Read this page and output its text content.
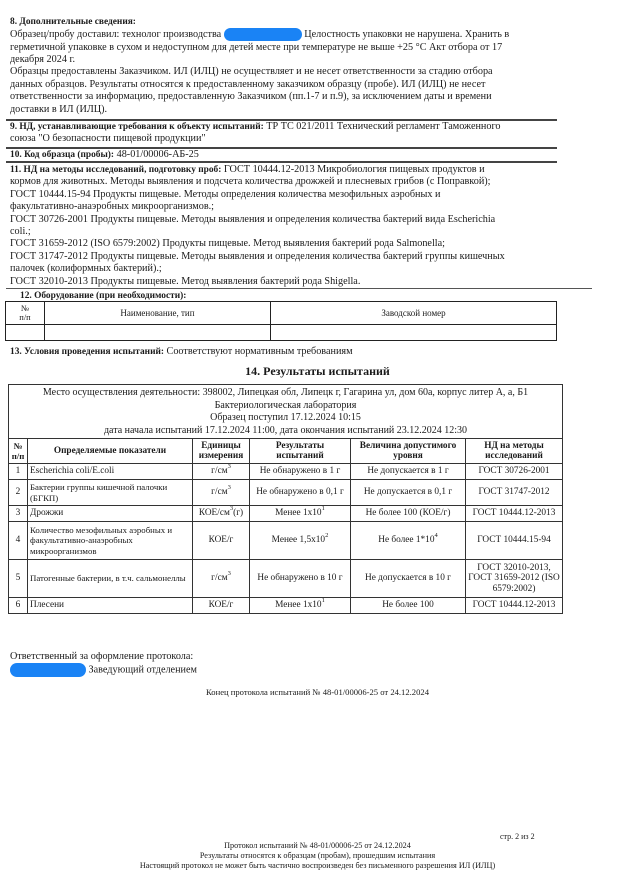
8. Дополнительные сведения:
Образец/пробу доставил: технолог производства	Целостность упаковки не нарушена. Хранить в
герметичной упаковке в сухом и недоступном для детей месте при температуре не выше +25 °C Акт отбора от 17
декабря 2024 г.
Образцы предоставлены Заказчиком. ИЛ (ИЛЦ) не осуществляет и не несет ответственности за стадию отбора
данных образцов. Результаты относятся к предоставленному заказчиком образцу (пробе). ИЛ (ИЛЦ) не несет
ответственности за информацию, предоставленную Заказчиком (пп.1-7 и п.9), за исключением даты и времени
доставки в ИЛ (ИЛЦ).
9. НД, устанавливающие требования к объекту испытаний: ТР ТС 021/2011 Технический регламент Таможенного
союза "О безопасности пищевой продукции"
10. Код образца (пробы): 48-01/00006-АБ-25
11. НД на методы исследований, подготовку проб: ГОСТ 10444.12-2013 Микробиология пищевых продуктов и
кормов для животных. Методы выявления и подсчета количества дрожжей и плесневых грибов (с Поправкой);
ГОСТ 10444.15-94 Продукты пищевые. Методы определения количества мезофильных аэробных и
факультативно-анаэробных микроорганизмов.;
ГОСТ 30726-2001 Продукты пищевые. Методы выявления и определения количества бактерий вида Escherichia
coli.;
ГОСТ 31659-2012 (ISO 6579:2002) Продукты пищевые. Метод выявления бактерий рода Salmonella;
ГОСТ 31747-2012 Продукты пищевые. Методы выявления и определения количества бактерий группы кишечных
палочек (колиформных бактерий).;
ГОСТ 32010-2013 Продукты пищевые. Метод выявления бактерий рода Shigella.
12. Оборудование (при необходимости):
№
п/п	Наименование, тип	Заводской номер

13. Условия проведения испытаний: Соответствуют нормативным требованиям
14. Результаты испытаний
Место осуществления деятельности: 398002, Липецкая обл, Липецк г, Гагарина ул, дом 60а, корпус литер А, а, Б1
Бактериологическая лаборатория
Образец поступил 17.12.2024 10:15
дата начала испытаний 17.12.2024 11:00, дата окончания испытаний 23.12.2024 12:30					

№
п/п	Определяемые показатели	Единицы
измерения	Результаты
испытаний	Величина допустимого
уровня	НД на методы
исследований
1	Escherichia coli/E.coli	$г/см^3$	Не обнаружено в 1 г	Не допускается в 1 г	ГОСТ 30726-2001
2	Бактерии группы кишечной палочки (БГКП)	$г/см^3$	Не обнаружено в 0,1 г	Не допускается в 0,1 г	ГОСТ 31747-2012
3	Дрожжи	КОЕ/$см^3(г)$	Менее $1х10^1$	Не более 100 (КОЕ/г)	ГОСТ 10444.12-2013
4	Количество мезофильных аэробных и факультативно-анаэробных микроорганизмов	КОЕ/г	Менее $1,5х10^2$	Не более $1*10^4$	ГОСТ 10444.15-94
5	Патогенные бактерии, в т.ч. сальмонеллы	$г/см^3$	Не обнаружено в 10 г	Не допускается в 10 г	ГОСТ 32010-2013, ГОСТ 31659-2012 (ISO 6579:2002)
6	Плесени	КОЕ/г	Менее $1х10^1$	Не более 100	ГОСТ 10444.12-2013
Ответственный за оформление протокола:
Заведующий отделением
Конец протокола испытаний № 48-01/00006-25 от 24.12.2024
стр. 2 из 2
Протокол испытаний № 48-01/00006-25 от 24.12.2024
Результаты относятся к образцам (пробам), прошедшим испытания
Настоящий протокол не может быть частично воспроизведен без письменного разрешения ИЛ (ИЛЦ)
